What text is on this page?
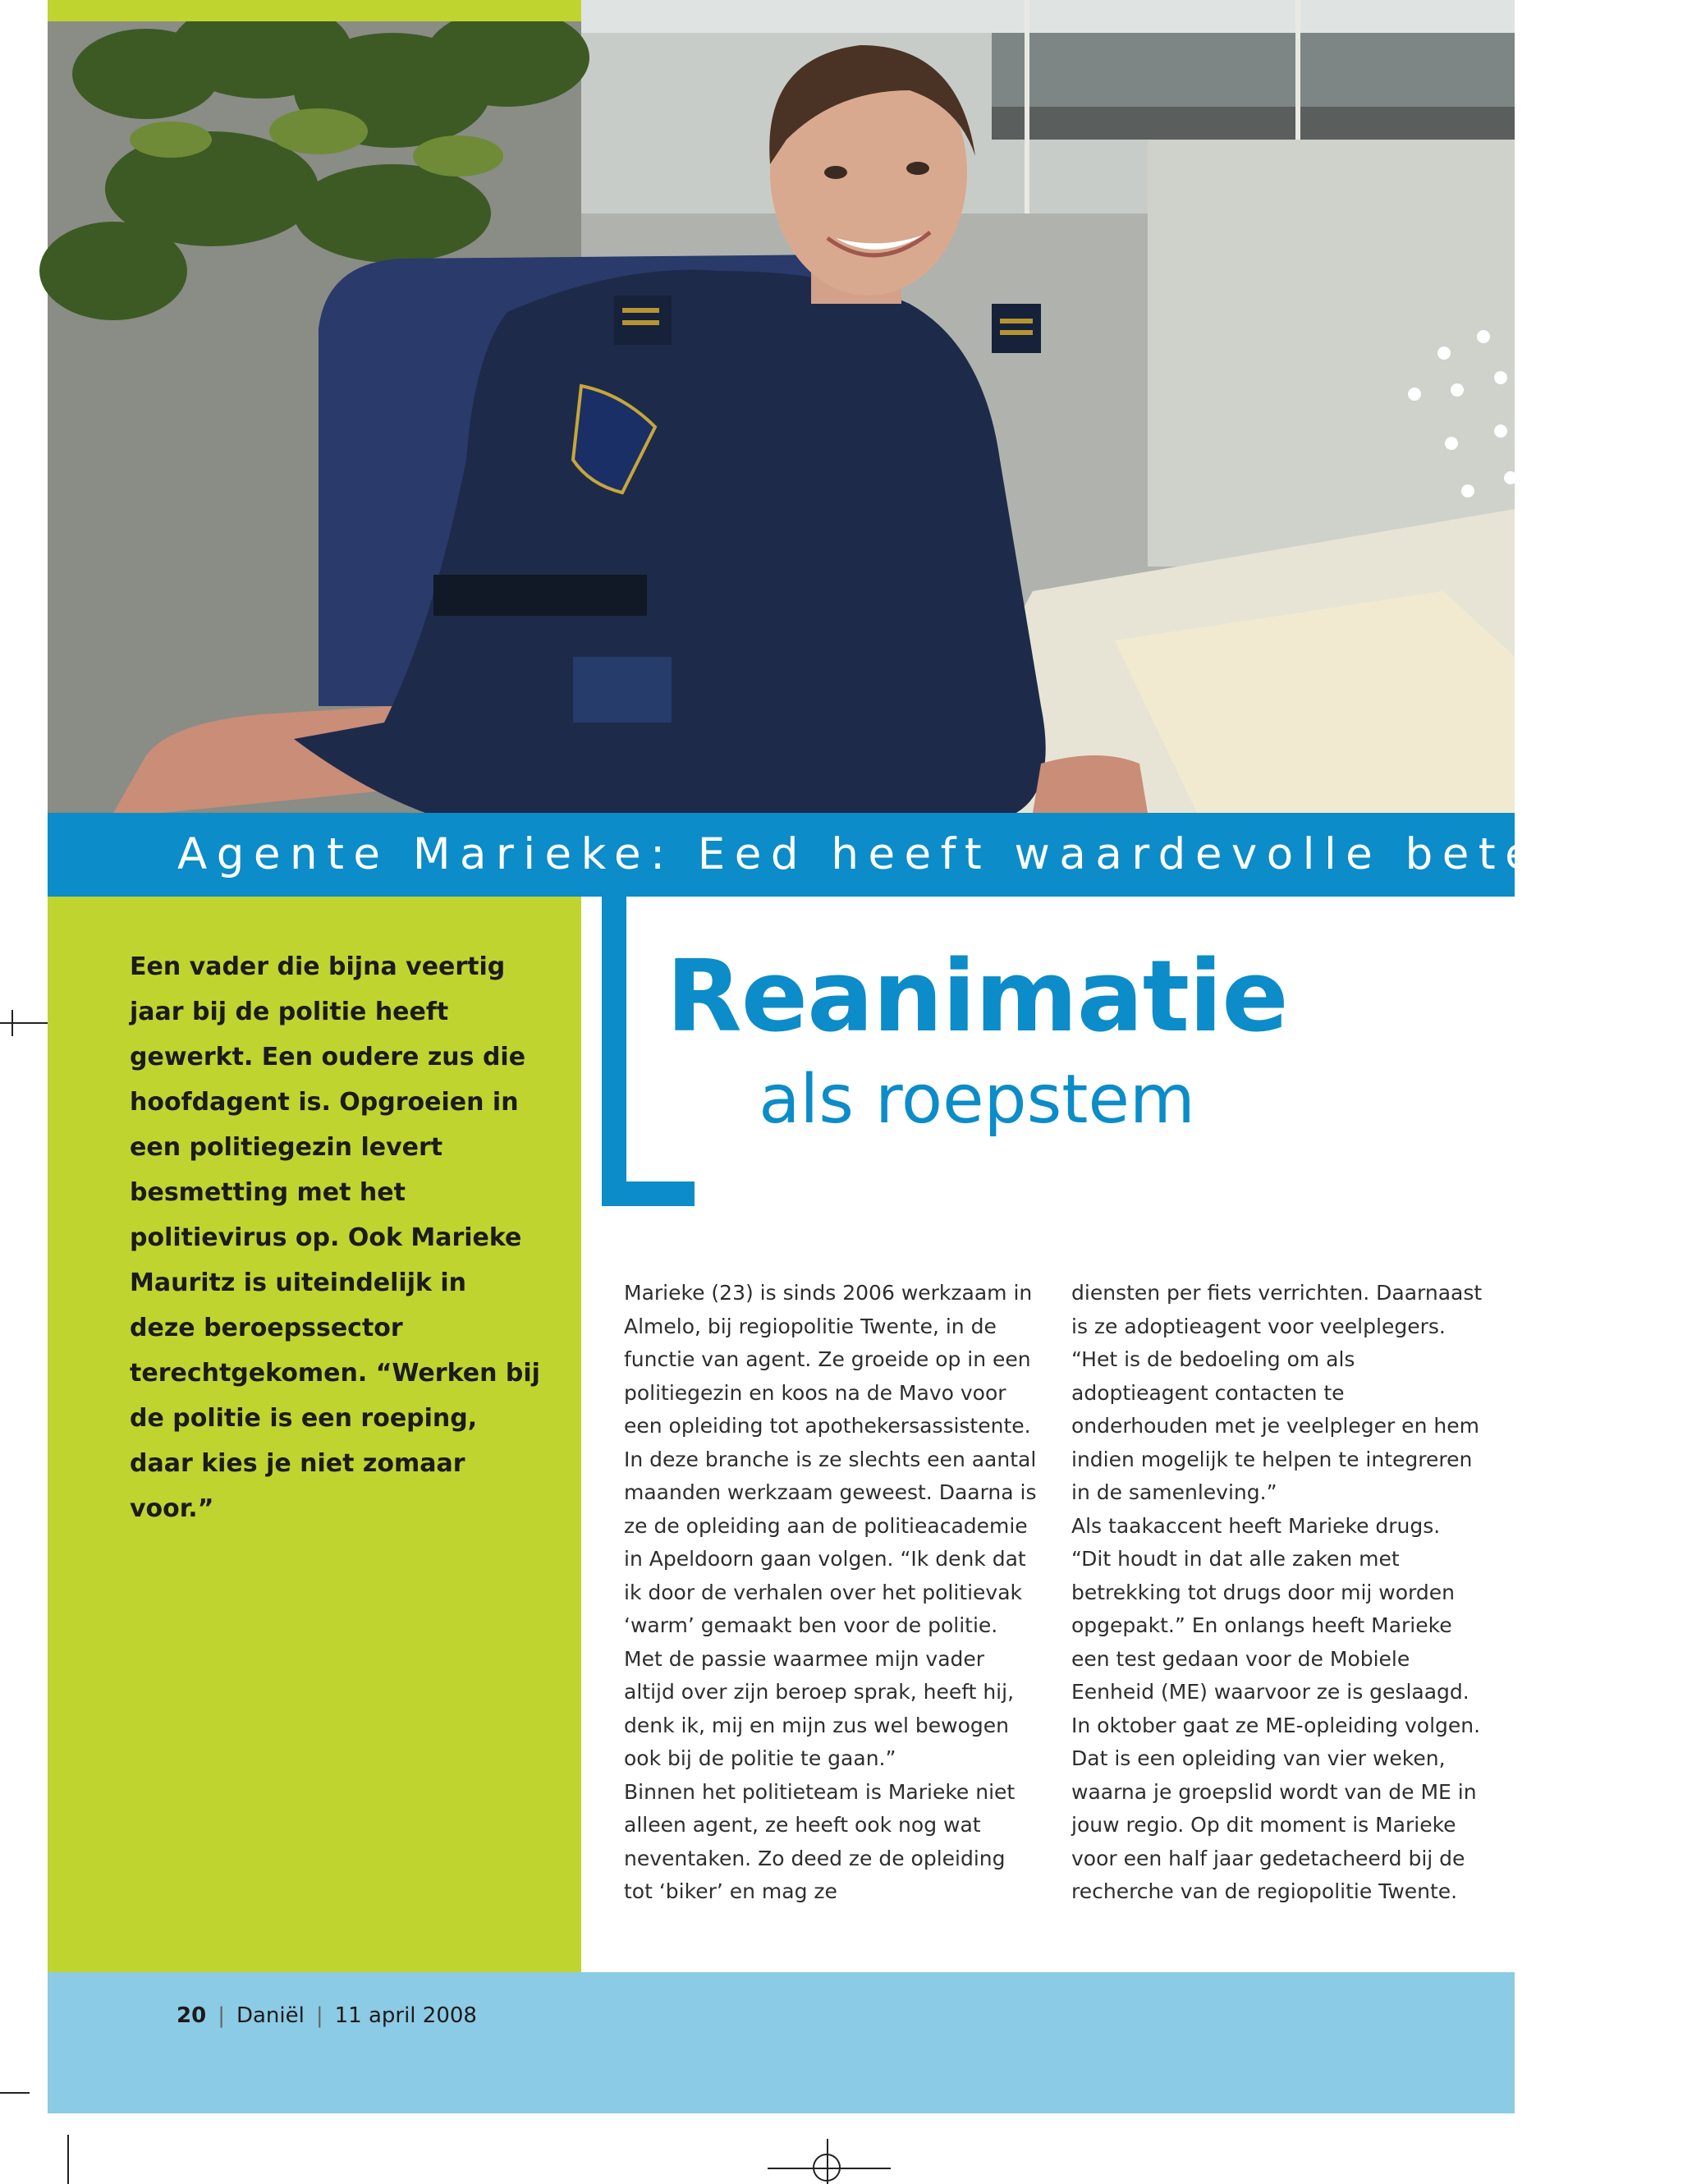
Agente Marieke: Eed heeft waardevolle betekenis

Een vader die bijna veertig jaar bij de politie heeft gewerkt. Een oudere zus die hoofdagent is. Opgroeien in een politiegezin levert besmetting met het politievirus op. Ook Marieke Mauritz is uiteindelijk in deze beroepssector terechtgekomen. “Werken bij de politie is een roeping, daar kies je niet zomaar voor.”

Reanimatie
als roepstem

Marieke (23) is sinds 2006 werkzaam in Almelo, bij regiopolitie Twente, in de functie van agent. Ze groeide op in een politiegezin en koos na de Mavo voor een opleiding tot apothekersassistente. In deze branche is ze slechts een aantal maanden werkzaam geweest. Daarna is ze de opleiding aan de politieacademie in Apeldoorn gaan volgen. “Ik denk dat ik door de verhalen over het politievak ‘warm’ gemaakt ben voor de politie. Met de passie waarmee mijn vader altijd over zijn beroep sprak, heeft hij, denk ik, mij en mijn zus wel bewogen ook bij de politie te gaan.”

Binnen het politieteam is Marieke niet alleen agent, ze heeft ook nog wat neventaken. Zo deed ze de opleiding tot ‘biker’ en mag ze

diensten per fiets verrichten. Daarnaast is ze adoptieagent voor veelplegers. “Het is de bedoeling om als adoptieagent contacten te onderhouden met je veelpleger en hem indien mogelijk te helpen te integreren in de samenleving.”

Als taakaccent heeft Marieke drugs. “Dit houdt in dat alle zaken met betrekking tot drugs door mij worden opgepakt.” En onlangs heeft Marieke een test gedaan voor de Mobiele Eenheid (ME) waarvoor ze is geslaagd. In oktober gaat ze ME-opleiding volgen. Dat is een opleiding van vier weken, waarna je groepslid wordt van de ME in jouw regio. Op dit moment is Marieke voor een half jaar gedetacheerd bij de recherche van de regiopolitie Twente.

20 | Daniël | 11 april 2008
